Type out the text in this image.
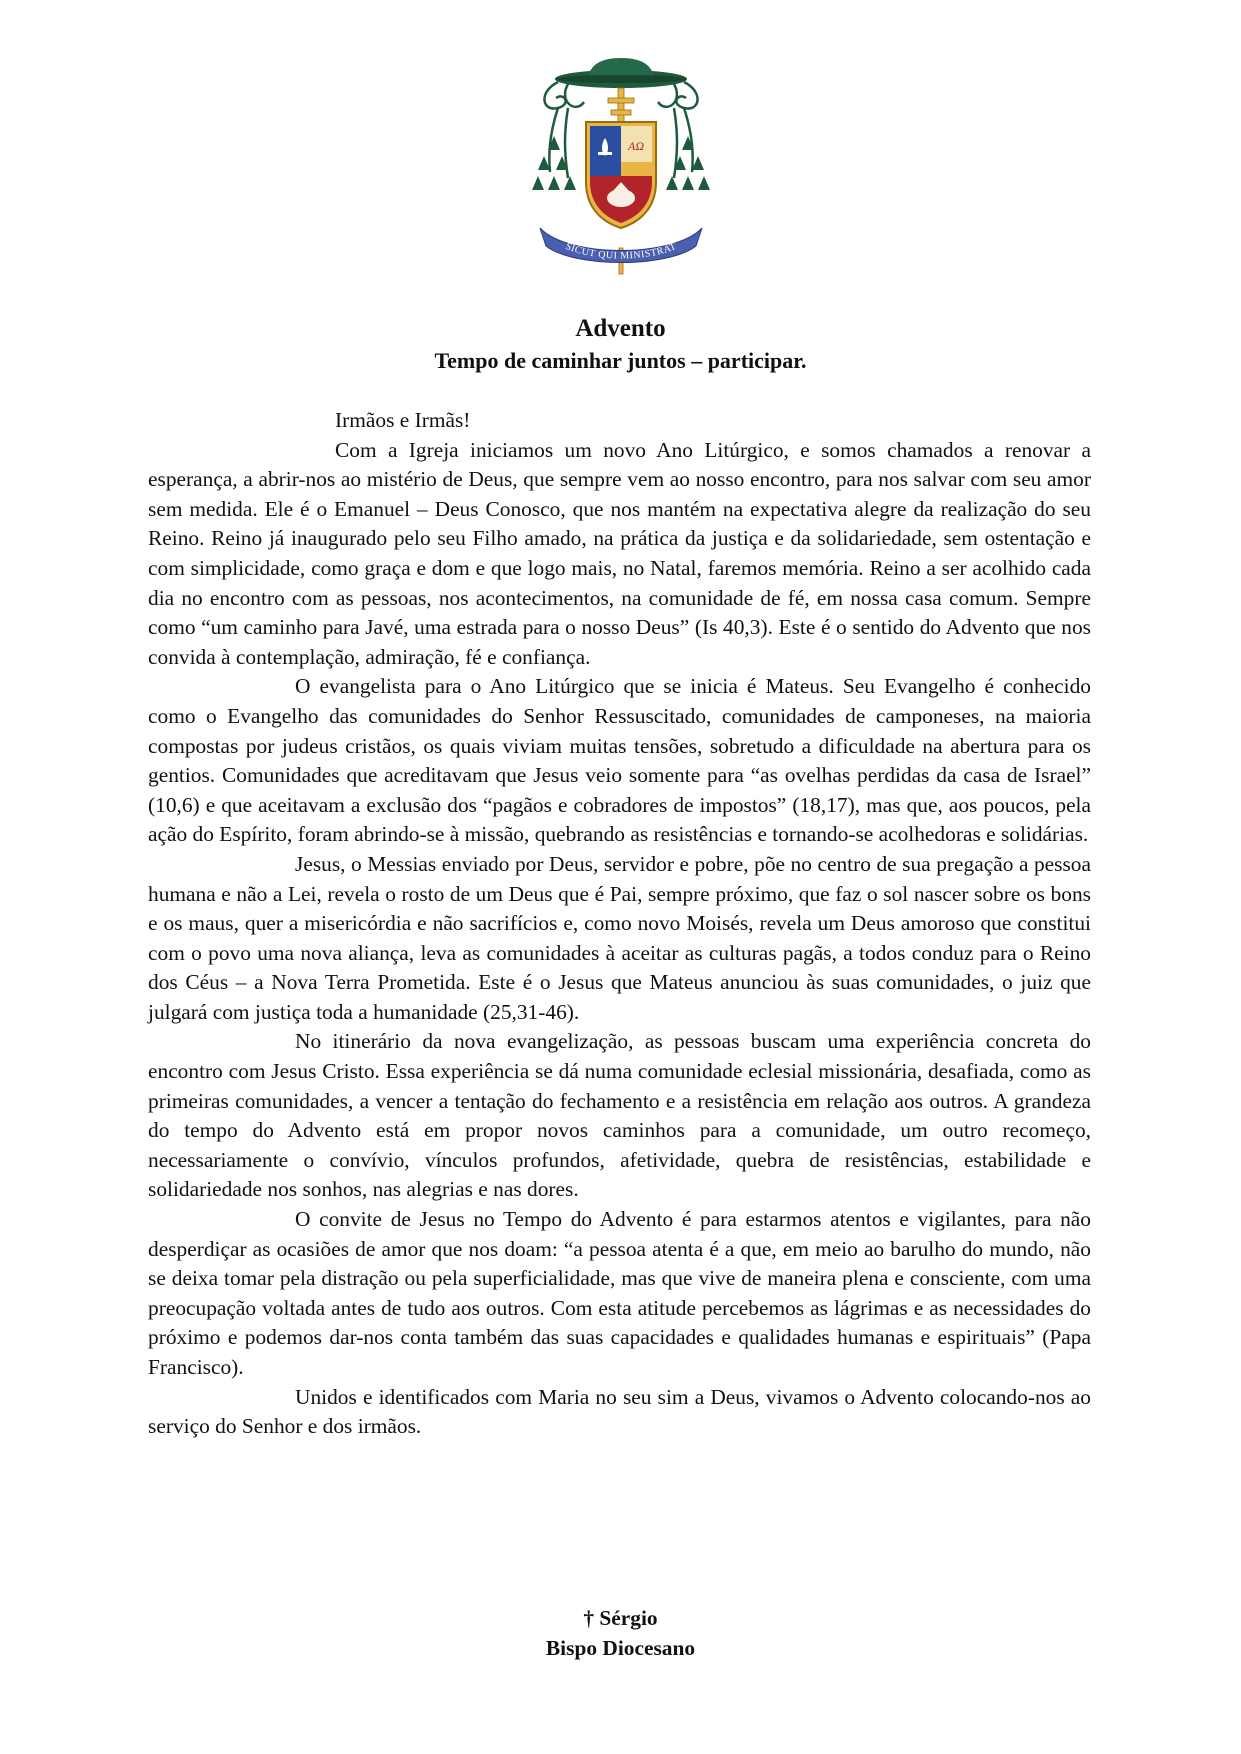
AΩ
SICUT QUI MINISTRAT
Advento
Tempo de caminhar juntos – participar.

Irmãos e Irmãs!

Com a Igreja iniciamos um novo Ano Litúrgico, e somos chamados a renovar a esperança, a abrir-nos ao mistério de Deus, que sempre vem ao nosso encontro, para nos salvar com seu amor sem medida. Ele é o Emanuel – Deus Conosco, que nos mantém na expectativa alegre da realização do seu Reino. Reino já inaugurado pelo seu Filho amado, na prática da justiça e da solidariedade, sem ostentação e com simplicidade, como graça e dom e que logo mais, no Natal, faremos memória. Reino a ser acolhido cada dia no encontro com as pessoas, nos acontecimentos, na comunidade de fé, em nossa casa comum. Sempre como “um caminho para Javé, uma estrada para o nosso Deus” (Is 40,3). Este é o sentido do Advento que nos convida à contemplação, admiração, fé e confiança.

O evangelista para o Ano Litúrgico que se inicia é Mateus. Seu Evangelho é conhecido como o Evangelho das comunidades do Senhor Ressuscitado, comunidades de camponeses, na maioria compostas por judeus cristãos, os quais viviam muitas tensões, sobretudo a dificuldade na abertura para os gentios. Comunidades que acreditavam que Jesus veio somente para “as ovelhas perdidas da casa de Israel” (10,6) e que aceitavam a exclusão dos “pagãos e cobradores de impostos” (18,17), mas que, aos poucos, pela ação do Espírito, foram abrindo-se à missão, quebrando as resistências e tornando-se acolhedoras e solidárias.

Jesus, o Messias enviado por Deus, servidor e pobre, põe no centro de sua pregação a pessoa humana e não a Lei, revela o rosto de um Deus que é Pai, sempre próximo, que faz o sol nascer sobre os bons e os maus, quer a misericórdia e não sacrifícios e, como novo Moisés, revela um Deus amoroso que constitui com o povo uma nova aliança, leva as comunidades à aceitar as culturas pagãs, a todos conduz para o Reino dos Céus – a Nova Terra Prometida. Este é o Jesus que Mateus anunciou às suas comunidades, o juiz que julgará com justiça toda a humanidade (25,31-46).

No itinerário da nova evangelização, as pessoas buscam uma experiência concreta do encontro com Jesus Cristo. Essa experiência se dá numa comunidade eclesial missionária, desafiada, como as primeiras comunidades, a vencer a tentação do fechamento e a resistência em relação aos outros. A grandeza do tempo do Advento está em propor novos caminhos para a comunidade, um outro recomeço, necessariamente o convívio, vínculos profundos, afetividade, quebra de resistências, estabilidade e solidariedade nos sonhos, nas alegrias e nas dores.

O convite de Jesus no Tempo do Advento é para estarmos atentos e vigilantes, para não desperdiçar as ocasiões de amor que nos doam: “a pessoa atenta é a que, em meio ao barulho do mundo, não se deixa tomar pela distração ou pela superficialidade, mas que vive de maneira plena e consciente, com uma preocupação voltada antes de tudo aos outros. Com esta atitude percebemos as lágrimas e as necessidades do próximo e podemos dar-nos conta também das suas capacidades e qualidades humanas e espirituais” (Papa Francisco).

Unidos e identificados com Maria no seu sim a Deus, vivamos o Advento colocando-nos ao serviço do Senhor e dos irmãos.

† Sérgio
Bispo Diocesano
